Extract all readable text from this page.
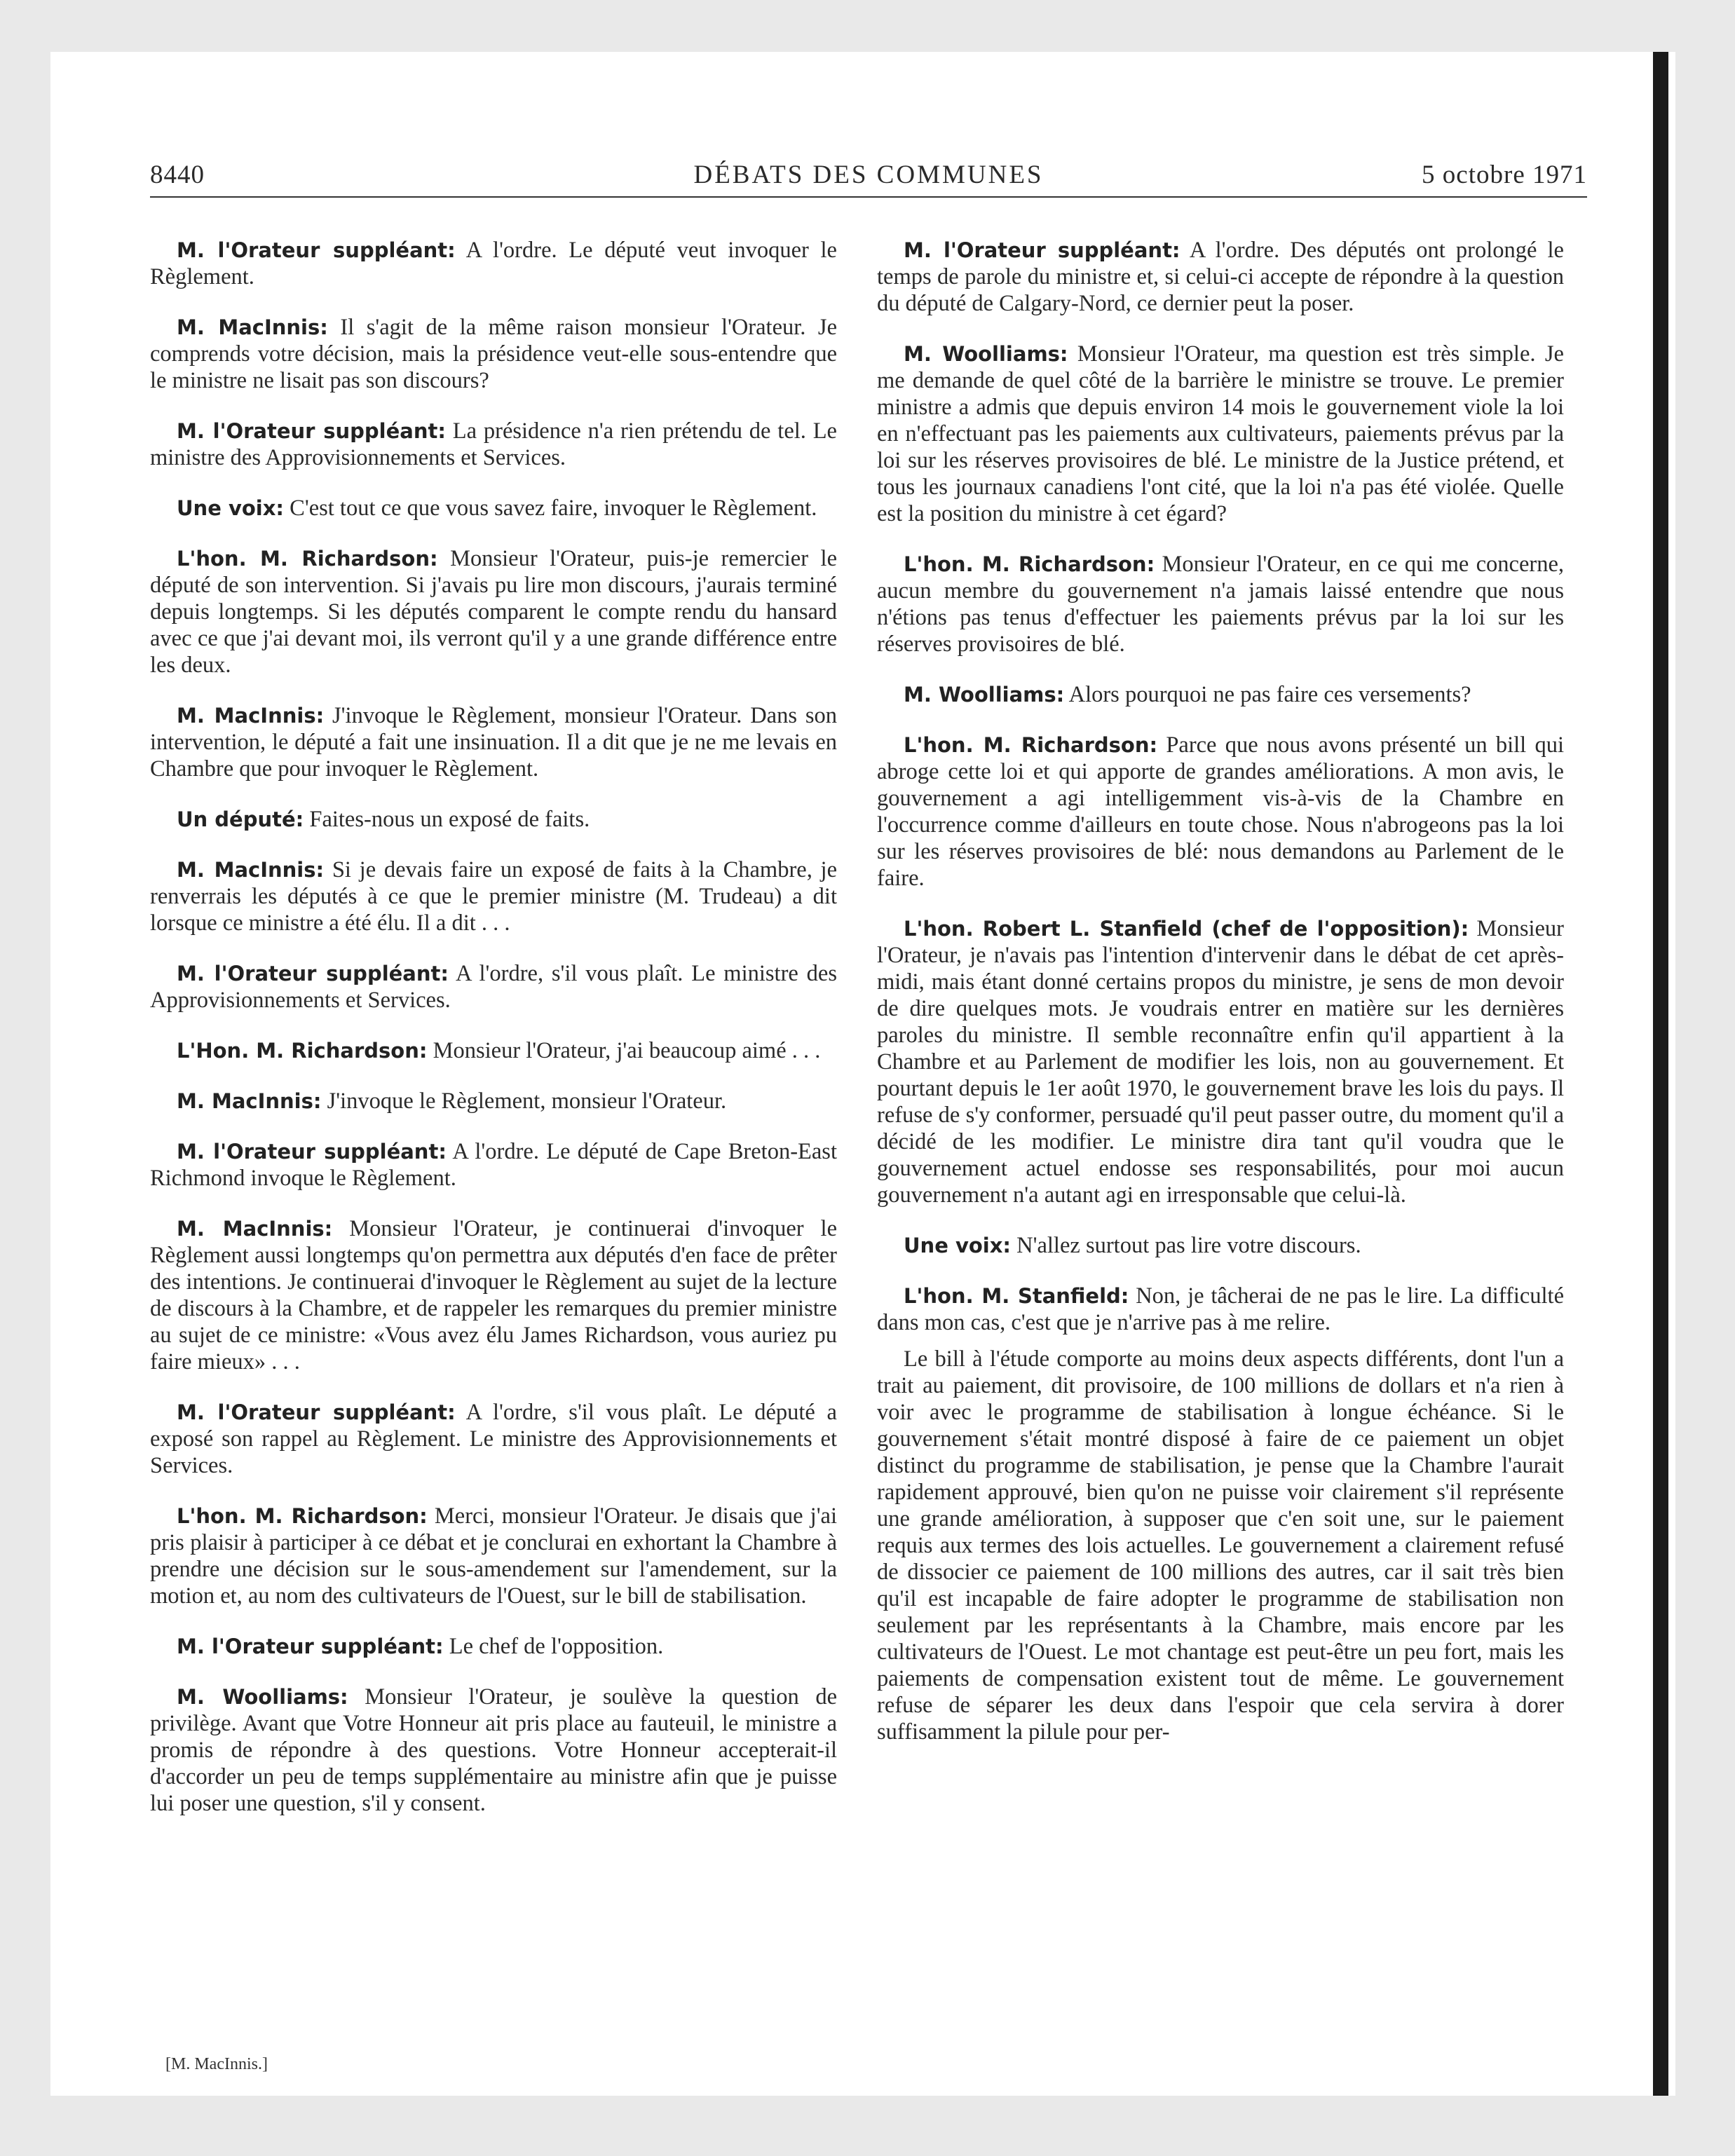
8440	DÉBATS DES COMMUNES	5 octobre 1971

M. l'Orateur suppléant: A l'ordre. Le député veut invoquer le Règlement.

M. MacInnis: Il s'agit de la même raison monsieur l'Orateur. Je comprends votre décision, mais la présidence veut-elle sous-entendre que le ministre ne lisait pas son discours?

M. l'Orateur suppléant: La présidence n'a rien prétendu de tel. Le ministre des Approvisionnements et Services.

Une voix: C'est tout ce que vous savez faire, invoquer le Règlement.

L'hon. M. Richardson: Monsieur l'Orateur, puis-je remercier le député de son intervention. Si j'avais pu lire mon discours, j'aurais terminé depuis longtemps. Si les députés comparent le compte rendu du hansard avec ce que j'ai devant moi, ils verront qu'il y a une grande différence entre les deux.

M. MacInnis: J'invoque le Règlement, monsieur l'Orateur. Dans son intervention, le député a fait une insinuation. Il a dit que je ne me levais en Chambre que pour invoquer le Règlement.

Un député: Faites-nous un exposé de faits.

M. MacInnis: Si je devais faire un exposé de faits à la Chambre, je renverrais les députés à ce que le premier ministre (M. Trudeau) a dit lorsque ce ministre a été élu. Il a dit . . .

M. l'Orateur suppléant: A l'ordre, s'il vous plaît. Le ministre des Approvisionnements et Services.

L'Hon. M. Richardson: Monsieur l'Orateur, j'ai beaucoup aimé . . .

M. MacInnis: J'invoque le Règlement, monsieur l'Orateur.

M. l'Orateur suppléant: A l'ordre. Le député de Cape Breton-East Richmond invoque le Règlement.

M. MacInnis: Monsieur l'Orateur, je continuerai d'invoquer le Règlement aussi longtemps qu'on permettra aux députés d'en face de prêter des intentions. Je continuerai d'invoquer le Règlement au sujet de la lecture de discours à la Chambre, et de rappeler les remarques du premier ministre au sujet de ce ministre: «Vous avez élu James Richardson, vous auriez pu faire mieux» . . .

M. l'Orateur suppléant: A l'ordre, s'il vous plaît. Le député a exposé son rappel au Règlement. Le ministre des Approvisionnements et Services.

L'hon. M. Richardson: Merci, monsieur l'Orateur. Je disais que j'ai pris plaisir à participer à ce débat et je conclurai en exhortant la Chambre à prendre une décision sur le sous-amendement sur l'amendement, sur la motion et, au nom des cultivateurs de l'Ouest, sur le bill de stabilisation.

M. l'Orateur suppléant: Le chef de l'opposition.

M. Woolliams: Monsieur l'Orateur, je soulève la question de privilège. Avant que Votre Honneur ait pris place au fauteuil, le ministre a promis de répondre à des questions. Votre Honneur accepterait-il d'accorder un peu de temps supplémentaire au ministre afin que je puisse lui poser une question, s'il y consent.

M. l'Orateur suppléant: A l'ordre. Des députés ont prolongé le temps de parole du ministre et, si celui-ci accepte de répondre à la question du député de Calgary-Nord, ce dernier peut la poser.

M. Woolliams: Monsieur l'Orateur, ma question est très simple. Je me demande de quel côté de la barrière le ministre se trouve. Le premier ministre a admis que depuis environ 14 mois le gouvernement viole la loi en n'effectuant pas les paiements aux cultivateurs, paiements prévus par la loi sur les réserves provisoires de blé. Le ministre de la Justice prétend, et tous les journaux canadiens l'ont cité, que la loi n'a pas été violée. Quelle est la position du ministre à cet égard?

L'hon. M. Richardson: Monsieur l'Orateur, en ce qui me concerne, aucun membre du gouvernement n'a jamais laissé entendre que nous n'étions pas tenus d'effectuer les paiements prévus par la loi sur les réserves provisoires de blé.

M. Woolliams: Alors pourquoi ne pas faire ces versements?

L'hon. M. Richardson: Parce que nous avons présenté un bill qui abroge cette loi et qui apporte de grandes améliorations. A mon avis, le gouvernement a agi intelligemment vis-à-vis de la Chambre en l'occurrence comme d'ailleurs en toute chose. Nous n'abrogeons pas la loi sur les réserves provisoires de blé: nous demandons au Parlement de le faire.

L'hon. Robert L. Stanfield (chef de l'opposition): Monsieur l'Orateur, je n'avais pas l'intention d'intervenir dans le débat de cet après-midi, mais étant donné certains propos du ministre, je sens de mon devoir de dire quelques mots. Je voudrais entrer en matière sur les dernières paroles du ministre. Il semble reconnaître enfin qu'il appartient à la Chambre et au Parlement de modifier les lois, non au gouvernement. Et pourtant depuis le 1er août 1970, le gouvernement brave les lois du pays. Il refuse de s'y conformer, persuadé qu'il peut passer outre, du moment qu'il a décidé de les modifier. Le ministre dira tant qu'il voudra que le gouvernement actuel endosse ses responsabilités, pour moi aucun gouvernement n'a autant agi en irresponsable que celui-là.

Une voix: N'allez surtout pas lire votre discours.

L'hon. M. Stanfield: Non, je tâcherai de ne pas le lire. La difficulté dans mon cas, c'est que je n'arrive pas à me relire.

Le bill à l'étude comporte au moins deux aspects différents, dont l'un a trait au paiement, dit provisoire, de 100 millions de dollars et n'a rien à voir avec le programme de stabilisation à longue échéance. Si le gouvernement s'était montré disposé à faire de ce paiement un objet distinct du programme de stabilisation, je pense que la Chambre l'aurait rapidement approuvé, bien qu'on ne puisse voir clairement s'il représente une grande amélioration, à supposer que c'en soit une, sur le paiement requis aux termes des lois actuelles. Le gouvernement a clairement refusé de dissocier ce paiement de 100 millions des autres, car il sait très bien qu'il est incapable de faire adopter le programme de stabilisation non seulement par les représentants à la Chambre, mais encore par les cultivateurs de l'Ouest. Le mot chantage est peut-être un peu fort, mais les paiements de compensation existent tout de même. Le gouvernement refuse de séparer les deux dans l'espoir que cela servira à dorer suffisamment la pilule pour per-

[M. MacInnis.]
